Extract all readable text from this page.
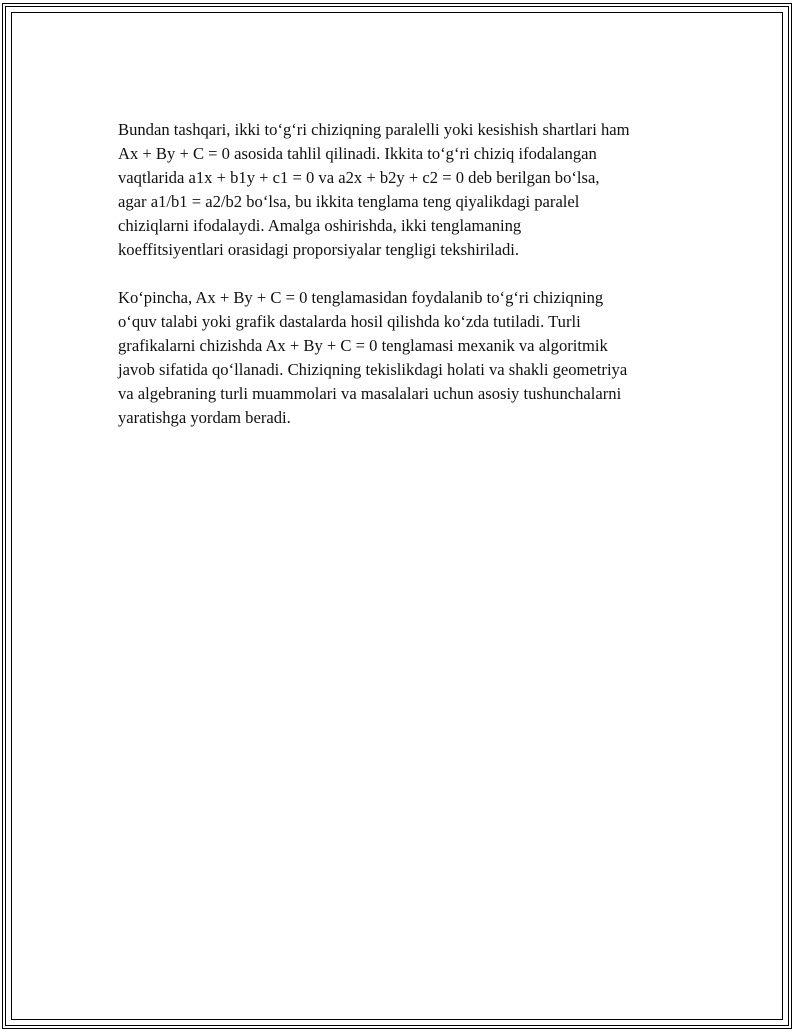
Bundan tashqari, ikki to‘g‘ri chiziqning paralelli yoki kesishish shartlari ham
Ax + By + C = 0 asosida tahlil qilinadi. Ikkita to‘g‘ri chiziq ifodalangan
vaqtlarida a1x + b1y + c1 = 0 va a2x + b2y + c2 = 0 deb berilgan bo‘lsa,
agar a1/b1 = a2/b2 bo‘lsa, bu ikkita tenglama teng qiyalikdagi paralel
chiziqlarni ifodalaydi. Amalga oshirishda, ikki tenglamaning
koeffitsiyentlari orasidagi proporsiyalar tengligi tekshiriladi.

Ko‘pincha, Ax + By + C = 0 tenglamasidan foydalanib to‘g‘ri chiziqning
o‘quv talabi yoki grafik dastalarda hosil qilishda ko‘zda tutiladi. Turli
grafikalarni chizishda Ax + By + C = 0 tenglamasi mexanik va algoritmik
javob sifatida qo‘llanadi. Chiziqning tekislikdagi holati va shakli geometriya
va algebraning turli muammolari va masalalari uchun asosiy tushunchalarni
yaratishga yordam beradi.
